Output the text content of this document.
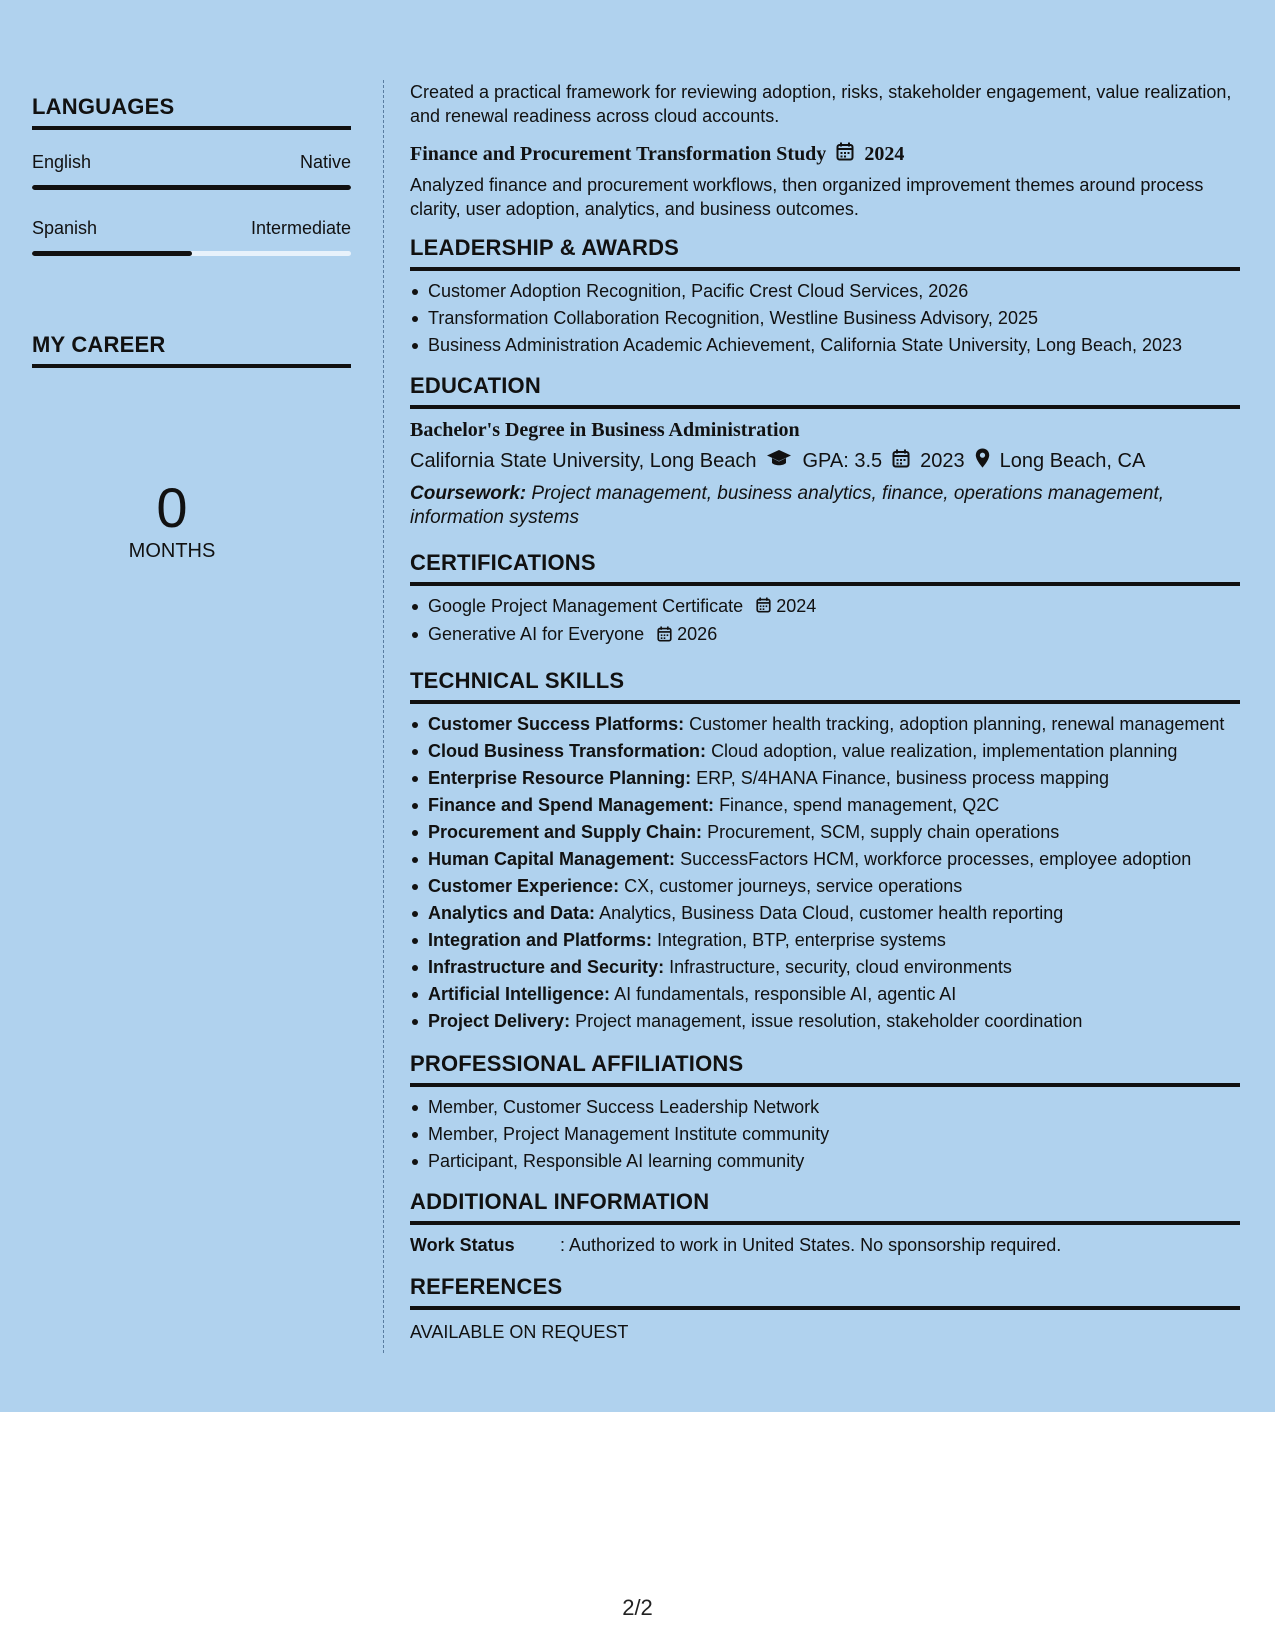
LANGUAGES
English	Native
Spanish	Intermediate
MY CAREER
0
MONTHS

Created a practical framework for reviewing adoption, risks, stakeholder engagement, value realization, and renewal readiness across cloud accounts.

Finance and Procurement Transformation Study 2024

Analyzed finance and procurement workflows, then organized improvement themes around process clarity, user adoption, analytics, and business outcomes.

LEADERSHIP & AWARDS
Customer Adoption Recognition, Pacific Crest Cloud Services, 2026
Transformation Collaboration Recognition, Westline Business Advisory, 2025
Business Administration Academic Achievement, California State University, Long Beach, 2023
EDUCATION
Bachelor's Degree in Business Administration
California State University, Long Beach GPA: 3.5 2023 Long Beach, CA
Coursework: Project management, business analytics, finance, operations management, information systems
CERTIFICATIONS
Google Project Management Certificate 2024
Generative AI for Everyone 2026
TECHNICAL SKILLS
Customer Success Platforms: Customer health tracking, adoption planning, renewal management
Cloud Business Transformation: Cloud adoption, value realization, implementation planning
Enterprise Resource Planning: ERP, S/4HANA Finance, business process mapping
Finance and Spend Management: Finance, spend management, Q2C
Procurement and Supply Chain: Procurement, SCM, supply chain operations
Human Capital Management: SuccessFactors HCM, workforce processes, employee adoption
Customer Experience: CX, customer journeys, service operations
Analytics and Data: Analytics, Business Data Cloud, customer health reporting
Integration and Platforms: Integration, BTP, enterprise systems
Infrastructure and Security: Infrastructure, security, cloud environments
Artificial Intelligence: AI fundamentals, responsible AI, agentic AI
Project Delivery: Project management, issue resolution, stakeholder coordination
PROFESSIONAL AFFILIATIONS
Member, Customer Success Leadership Network
Member, Project Management Institute community
Participant, Responsible AI learning community
ADDITIONAL INFORMATION
Work Status	: Authorized to work in United States. No sponsorship required.
REFERENCES
AVAILABLE ON REQUEST
2/2
